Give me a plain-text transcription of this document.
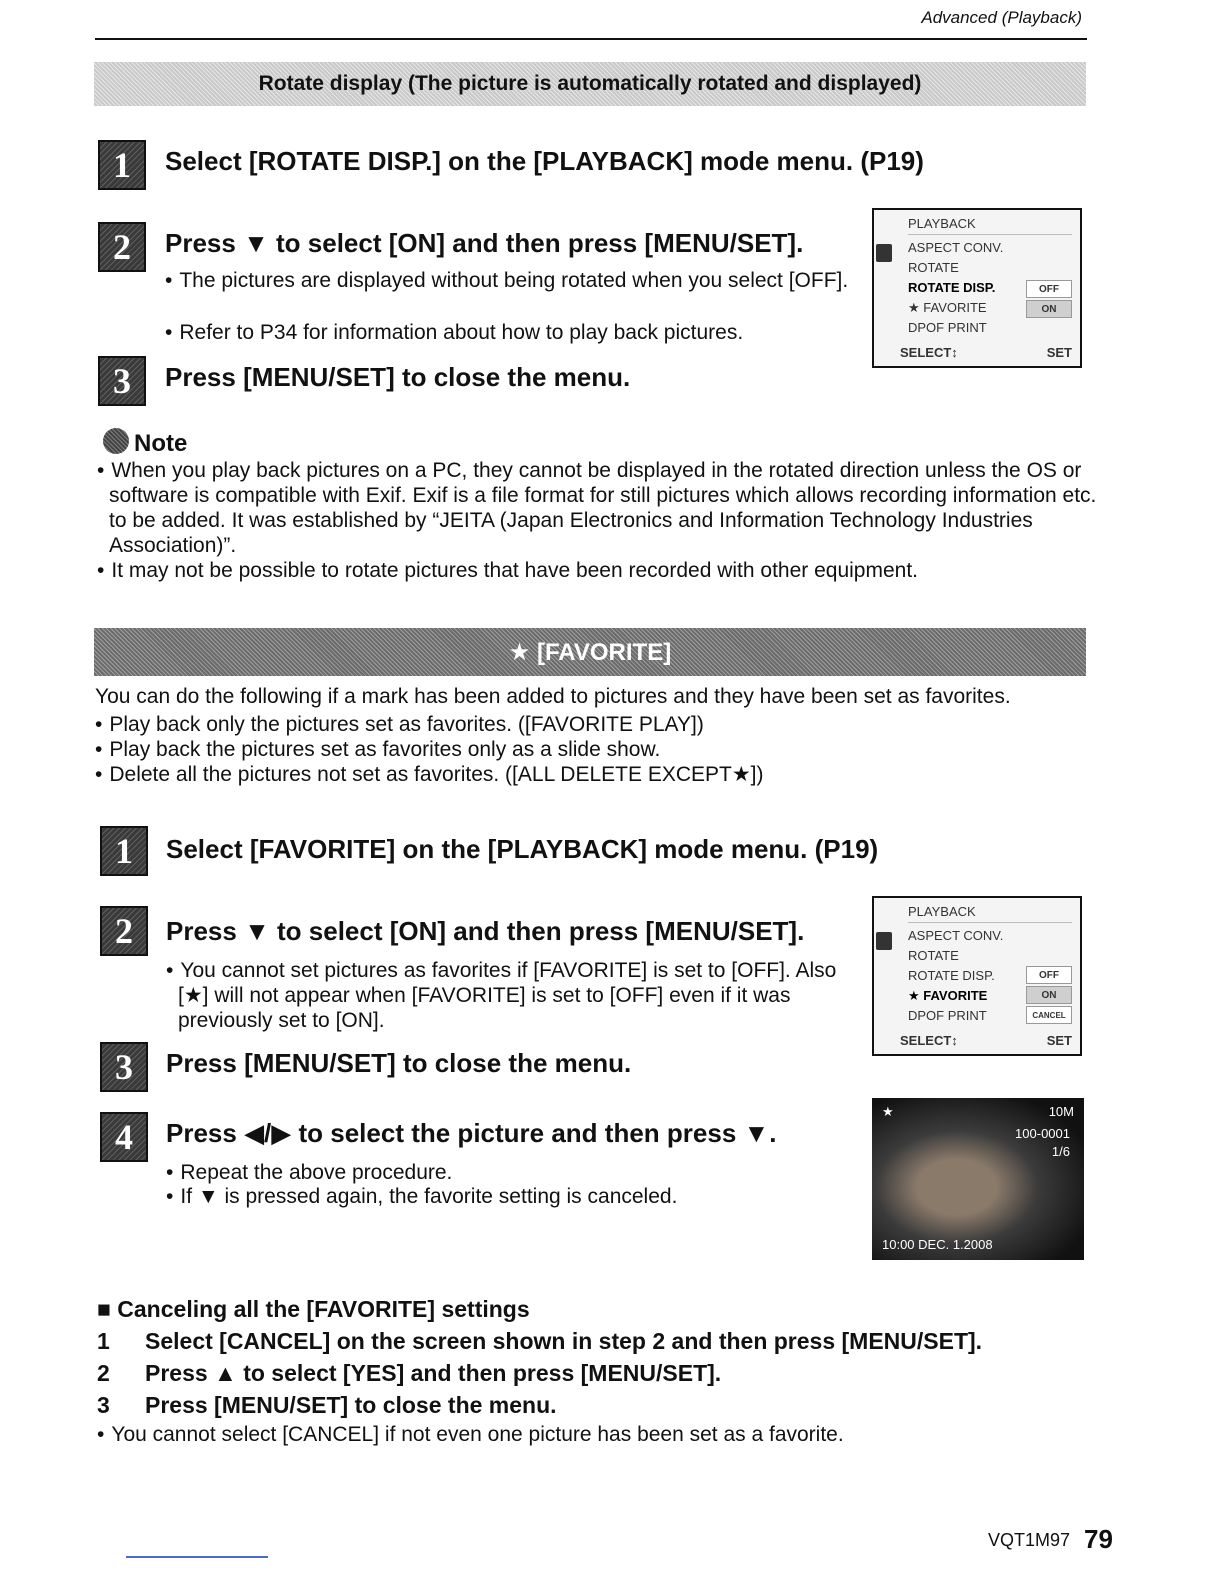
Advanced (Playback)
Rotate display (The picture is automatically rotated and displayed)
1	Select [ROTATE DISP.] on the [PLAYBACK] mode menu. (P19)
2	Press ▼ to select [ON] and then press [MENU/SET].
• The pictures are displayed without being rotated when you select [OFF].
• Refer to P34 for information about how to play back pictures.
3	Press [MENU/SET] to close the menu.
PLAYBACK
ASPECT CONV.
ROTATE
ROTATE DISP.
★ FAVORITE
DPOF PRINT
OFF
ON
SELECT↕	SET
Note
• When you play back pictures on a PC, they cannot be displayed in the rotated direction unless the OS or software is compatible with Exif. Exif is a file format for still pictures which allows recording information etc. to be added. It was established by “JEITA (Japan Electronics and Information Technology Industries Association)”.
• It may not be possible to rotate pictures that have been recorded with other equipment.
★ [FAVORITE]
You can do the following if a mark has been added to pictures and they have been set as favorites.
• Play back only the pictures set as favorites. ([FAVORITE PLAY])
• Play back the pictures set as favorites only as a slide show.
• Delete all the pictures not set as favorites. ([ALL DELETE EXCEPT★])
1	Select [FAVORITE] on the [PLAYBACK] mode menu. (P19)
2	Press ▼ to select [ON] and then press [MENU/SET].
• You cannot set pictures as favorites if [FAVORITE] is set to [OFF]. Also [★] will not appear when [FAVORITE] is set to [OFF] even if it was previously set to [ON].
3	Press [MENU/SET] to close the menu.
4	Press ◀/▶ to select the picture and then press ▼.
• Repeat the above procedure.
• If ▼ is pressed again, the favorite setting is canceled.
PLAYBACK
ASPECT CONV.
ROTATE
ROTATE DISP.
★ FAVORITE
DPOF PRINT
OFF
ON
CANCEL
SELECT↕	SET
★	10M
100-0001
1/6
10:00 DEC. 1.2008
■ Canceling all the [FAVORITE] settings
1 Select [CANCEL] on the screen shown in step 2 and then press [MENU/SET].
2 Press ▲ to select [YES] and then press [MENU/SET].
3 Press [MENU/SET] to close the menu.
• You cannot select [CANCEL] if not even one picture has been set as a favorite.
VQT1M97 79
